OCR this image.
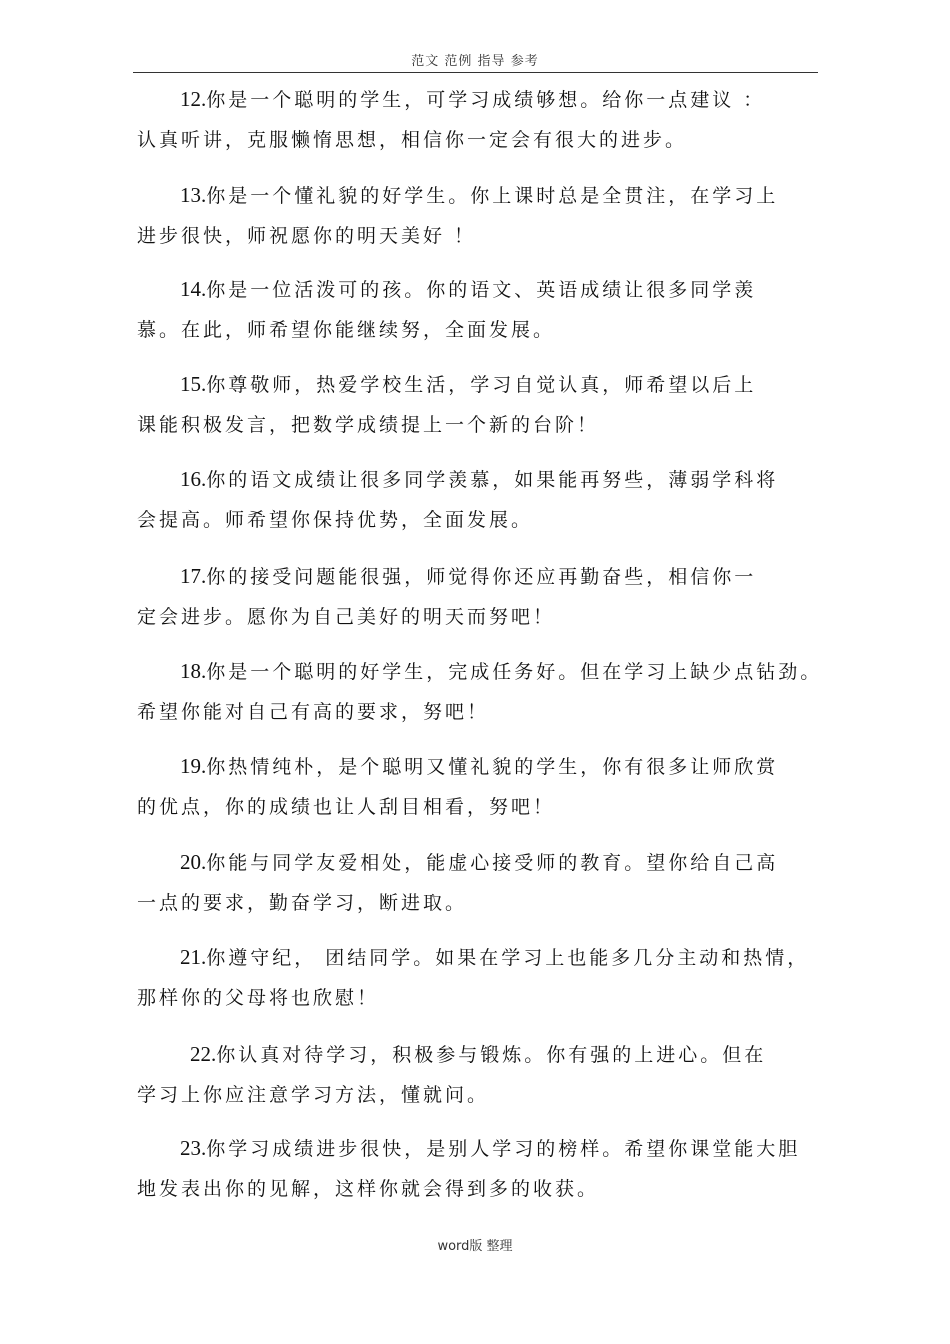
范文 范例 指导 参考
12.你是一个聪明的学生，可学习成绩够想。给你一点建议 ：
认真听讲，克服懒惰思想，相信你一定会有很大的进步。
13.你是一个懂礼貌的好学生。你上课时总是全贯注，在学习上
进步很快，师祝愿你的明天美好 ！
14.你是一位活泼可的孩。你的语文、英语成绩让很多同学羡
慕。在此，师希望你能继续努，全面发展。
15.你尊敬师，热爱学校生活，学习自觉认真，师希望以后上
课能积极发言，把数学成绩提上一个新的台阶！
16.你的语文成绩让很多同学羡慕，如果能再努些，薄弱学科将
会提高。师希望你保持优势，全面发展。
17.你的接受问题能很强，师觉得你还应再勤奋些，相信你一
定会进步。愿你为自己美好的明天而努吧！
18.你是一个聪明的好学生，完成任务好。但在学习上缺少点钻劲。
希望你能对自己有高的要求，努吧！
19.你热情纯朴，是个聪明又懂礼貌的学生，你有很多让师欣赏
的优点，你的成绩也让人刮目相看，努吧！
20.你能与同学友爱相处，能虚心接受师的教育。望你给自己高
一点的要求，勤奋学习，断进取。
21.你遵守纪， 团结同学。如果在学习上也能多几分主动和热情，
那样你的父母将也欣慰！
22.你认真对待学习，积极参与锻炼。你有强的上进心。但在
学习上你应注意学习方法，懂就问。
23.你学习成绩进步很快，是别人学习的榜样。希望你课堂能大胆
地发表出你的见解，这样你就会得到多的收获。
word版 整理
